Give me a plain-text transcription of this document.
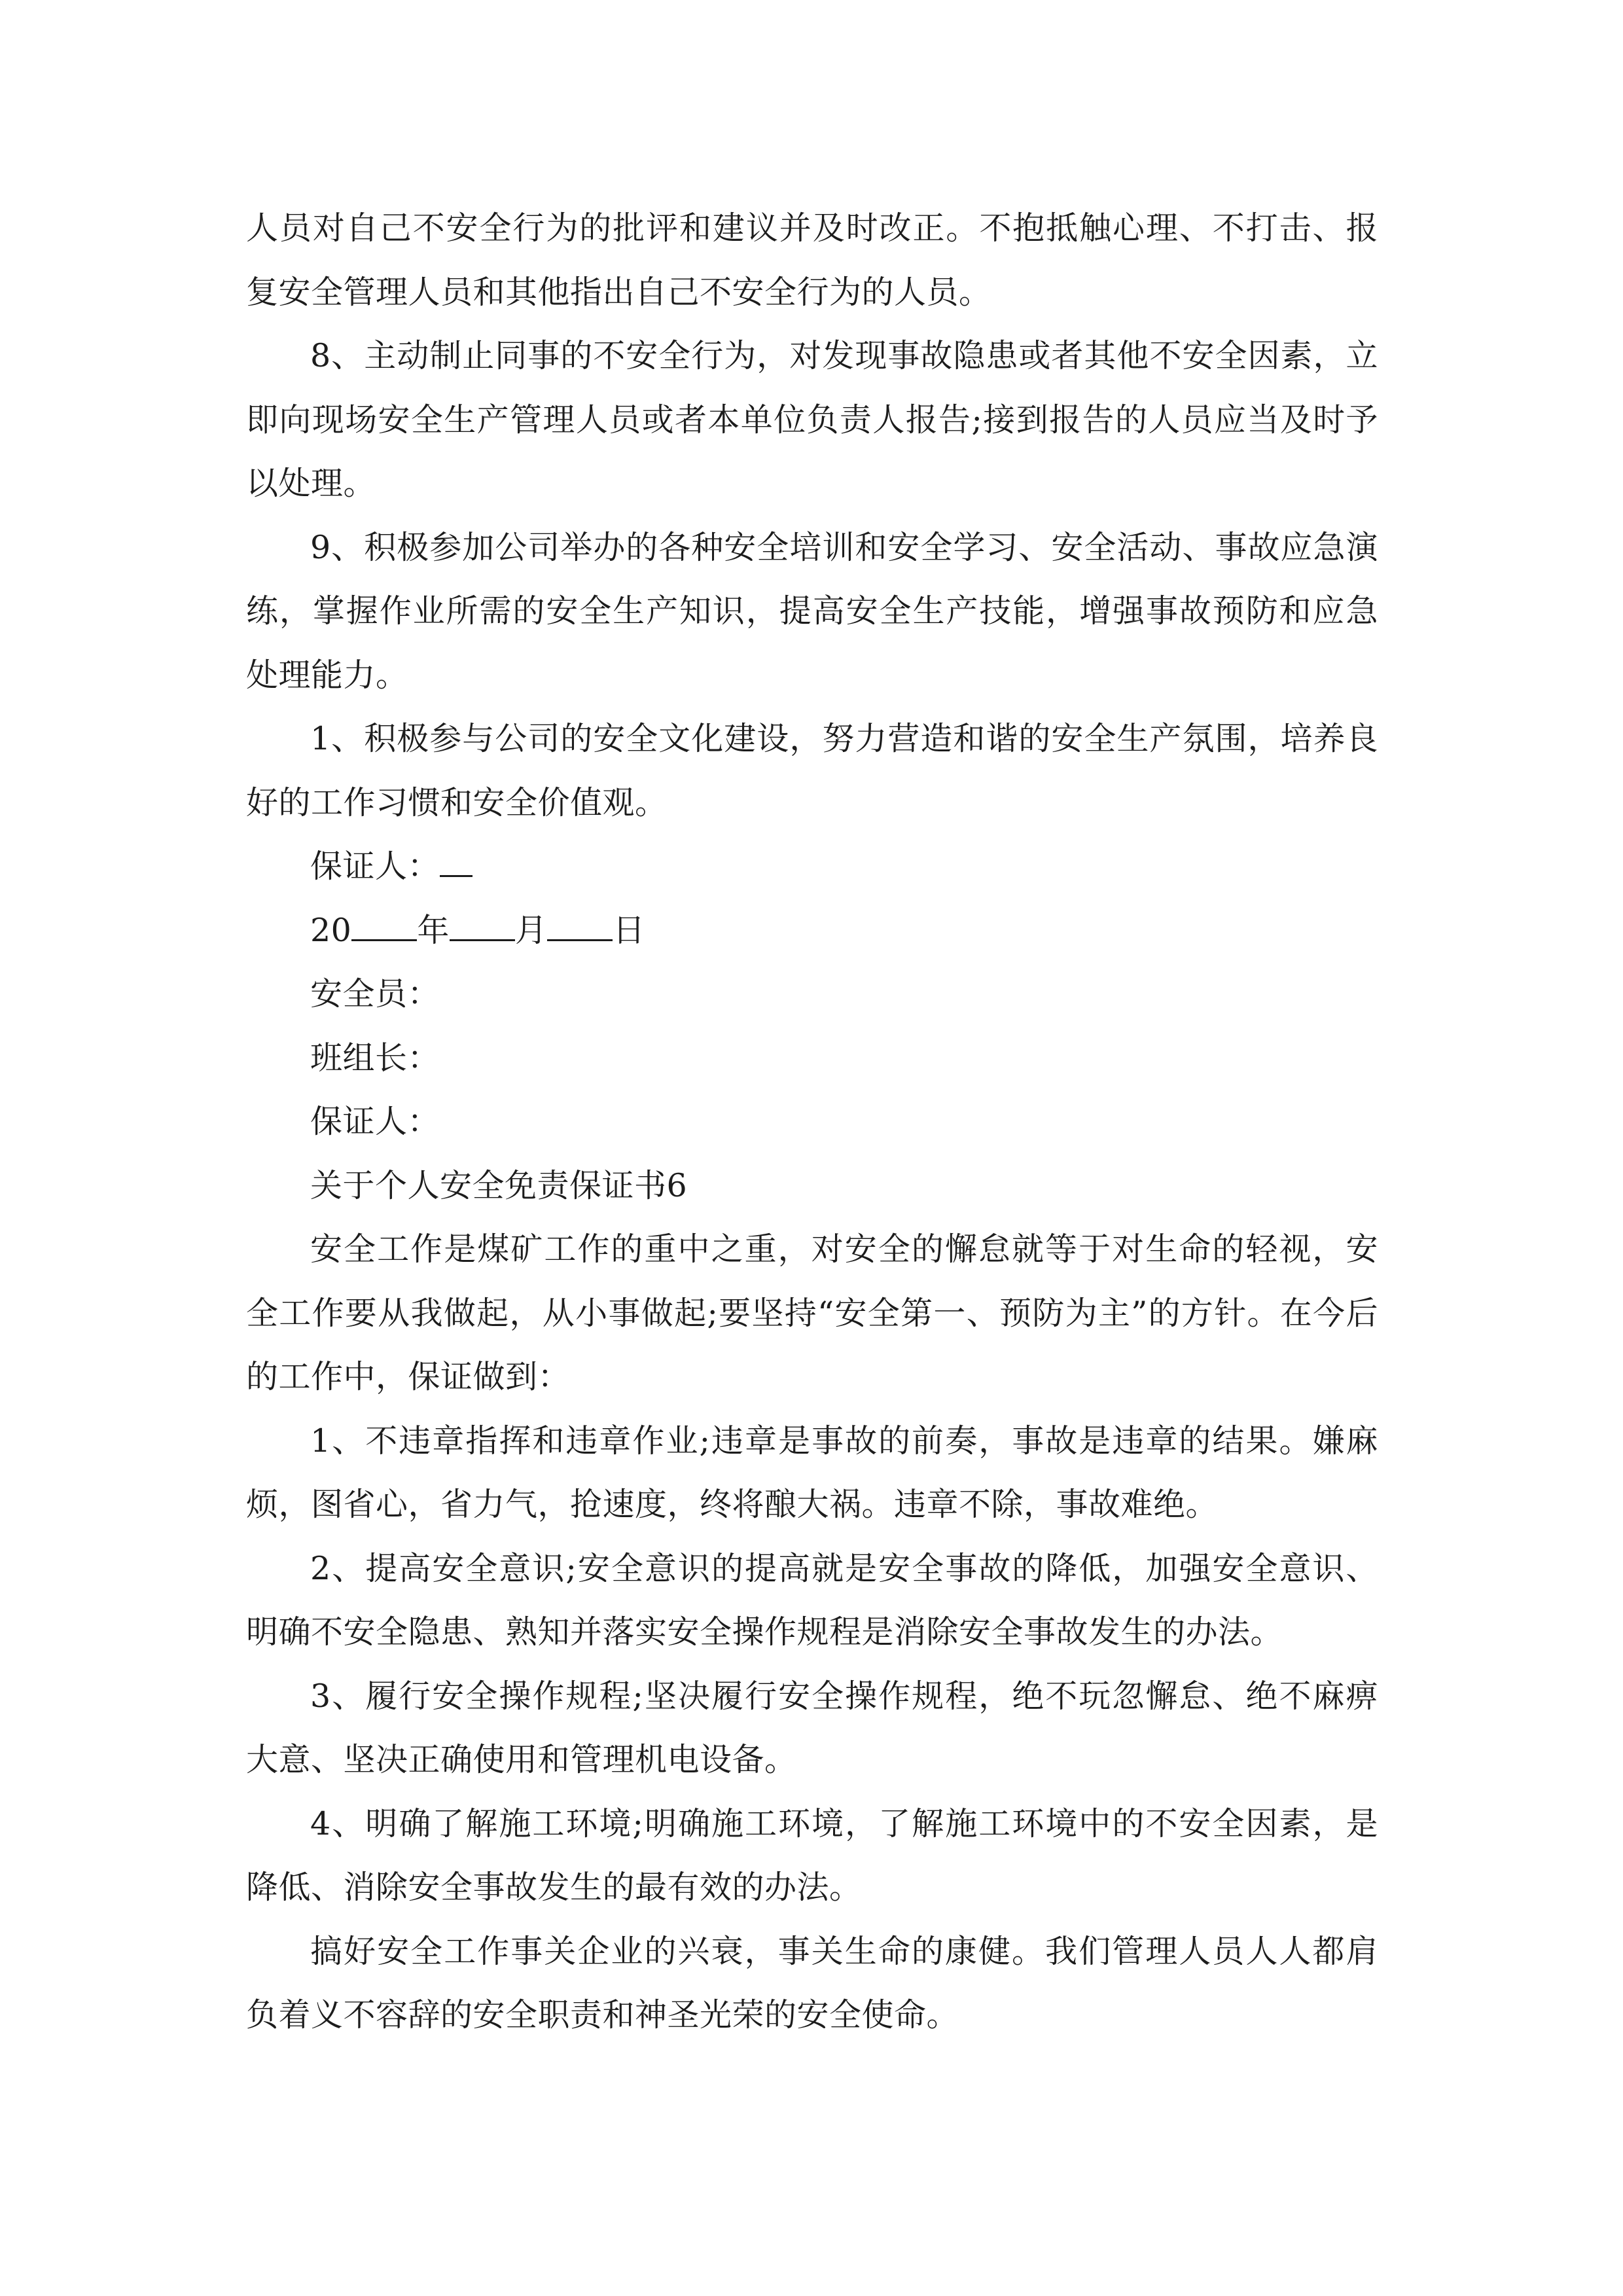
人员对自己不安全行为的批评和建议并及时改正。不抱抵触心理、不打击、报复安全管理人员和其他指出自己不安全行为的人员。

8、主动制止同事的不安全行为，对发现事故隐患或者其他不安全因素，立即向现场安全生产管理人员或者本单位负责人报告;接到报告的人员应当及时予以处理。

9、积极参加公司举办的各种安全培训和安全学习、安全活动、事故应急演练，掌握作业所需的安全生产知识，提高安全生产技能，增强事故预防和应急处理能力。

1、积极参与公司的安全文化建设，努力营造和谐的安全生产氛围，培养良好的工作习惯和安全价值观。

保证人：

20 年 月 日

安全员：

班组长：

保证人：

关于个人安全免责保证书6

安全工作是煤矿工作的重中之重，对安全的懈怠就等于对生命的轻视，安全工作要从我做起，从小事做起;要坚持“安全第一、预防为主”的方针。在今后的工作中，保证做到：

1、不违章指挥和违章作业;违章是事故的前奏，事故是违章的结果。嫌麻烦，图省心，省力气，抢速度，终将酿大祸。违章不除，事故难绝。

2、提高安全意识;安全意识的提高就是安全事故的降低，加强安全意识、明确不安全隐患、熟知并落实安全操作规程是消除安全事故发生的办法。

3、履行安全操作规程;坚决履行安全操作规程，绝不玩忽懈怠、绝不麻痹大意、坚决正确使用和管理机电设备。

4、明确了解施工环境;明确施工环境，了解施工环境中的不安全因素，是降低、消除安全事故发生的最有效的办法。

搞好安全工作事关企业的兴衰，事关生命的康健。我们管理人员人人都肩负着义不容辞的安全职责和神圣光荣的安全使命。
